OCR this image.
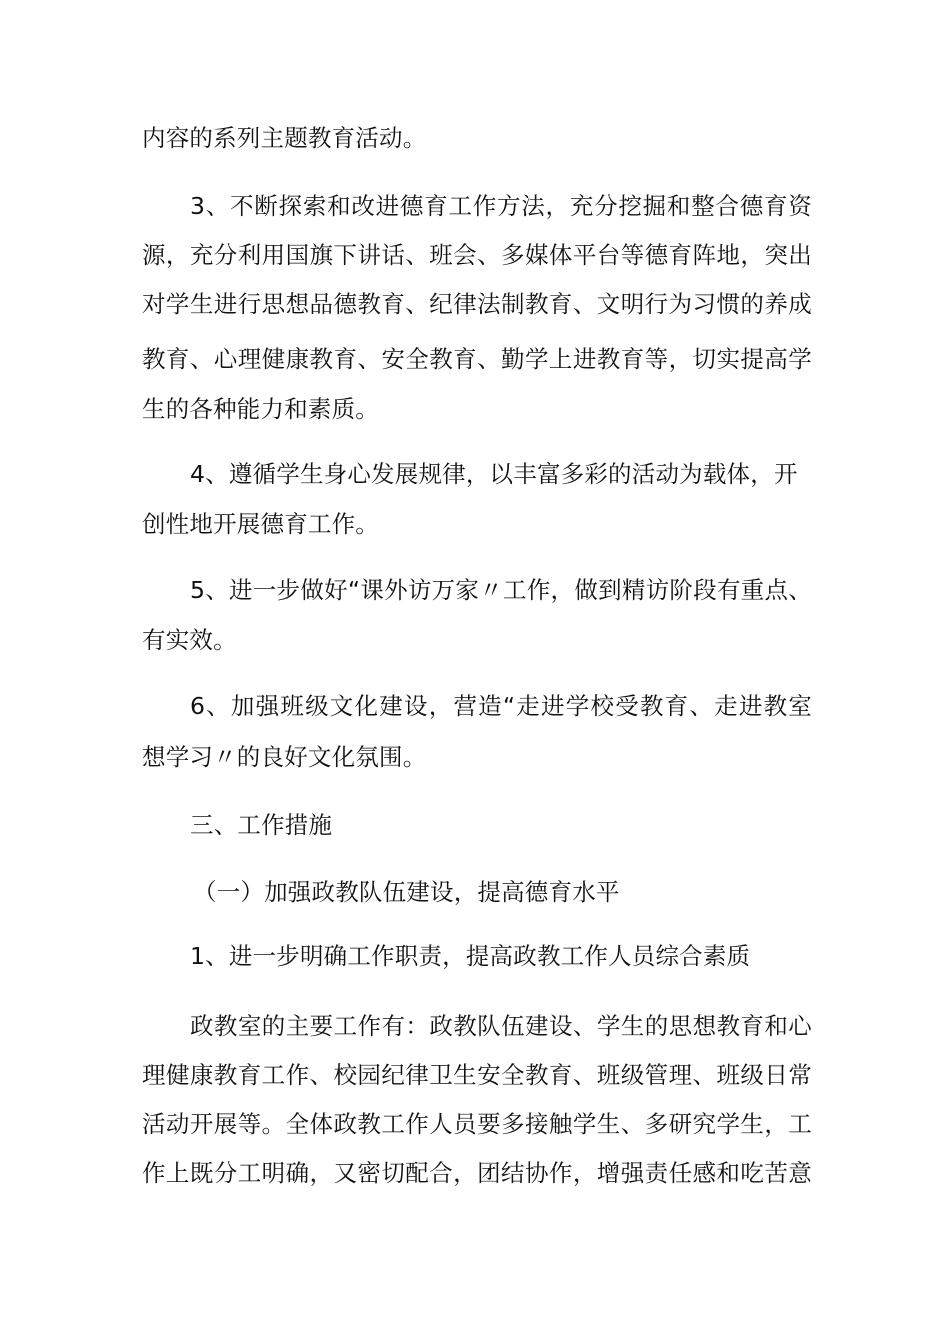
内容的系列主题教育活动。
3、不断探索和改进德育工作方法，充分挖掘和整合德育资
源，充分利用国旗下讲话、班会、多媒体平台等德育阵地，突出
对学生进行思想品德教育、纪律法制教育、文明行为习惯的养成
教育、心理健康教育、安全教育、勤学上进教育等，切实提高学
生的各种能力和素质。
4、遵循学生身心发展规律，以丰富多彩的活动为载体，开
创性地开展德育工作。
5、进一步做好“课外访万家〃工作，做到精访阶段有重点、
有实效。
6、加强班级文化建设，营造“走进学校受教育、走进教室
想学习〃的良好文化氛围。
三、工作措施
（一）加强政教队伍建设，提高德育水平
1、进一步明确工作职责，提高政教工作人员综合素质
政教室的主要工作有：政教队伍建设、学生的思想教育和心
理健康教育工作、校园纪律卫生安全教育、班级管理、班级日常
活动开展等。全体政教工作人员要多接触学生、多研究学生，工
作上既分工明确，又密切配合，团结协作，增强责任感和吃苦意
